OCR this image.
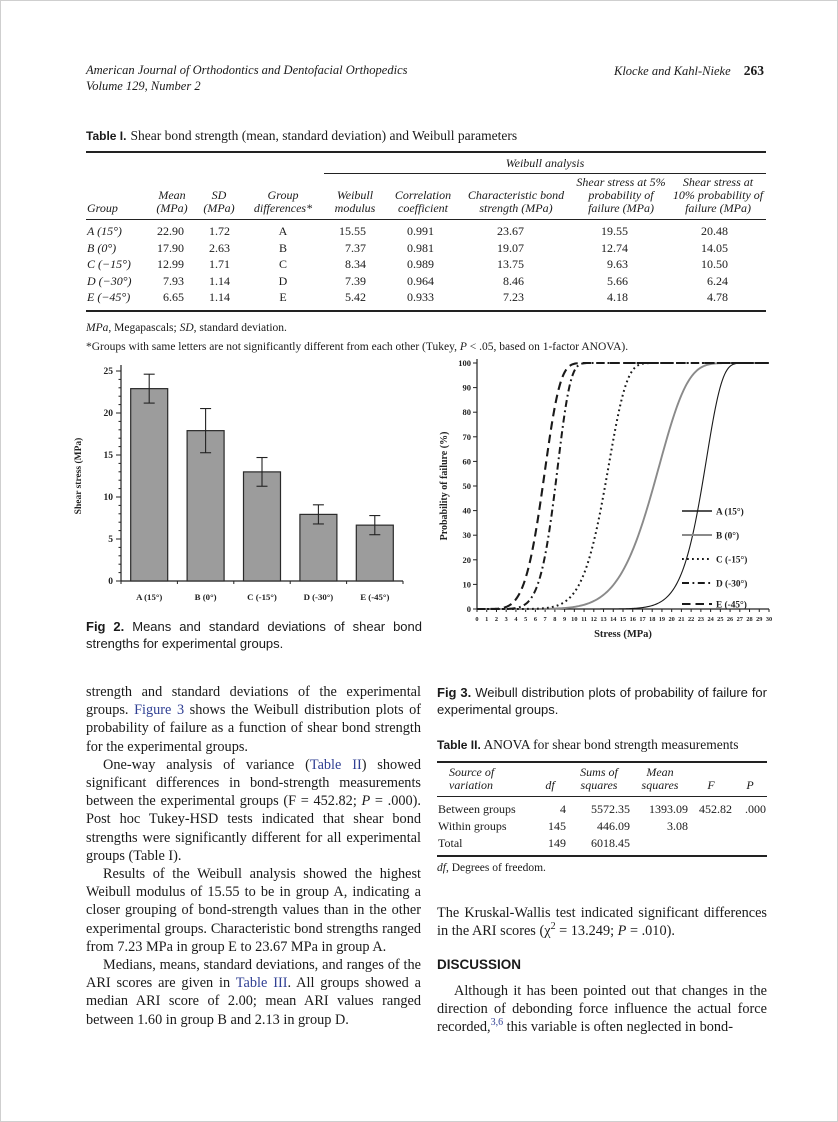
American Journal of Orthodontics and Dentofacial Orthopedics
Volume 129, Number 2
Klocke and Kahl-Nieke 263
Table I. Shear bond strength (mean, standard deviation) and Weibull parameters
				Weibull analysis				
Group	Mean (MPa)	SD (MPa)	Group differences*	Weibull modulus	Correlation coefficient	Characteristic bond strength (MPa)	Shear stress at 5% probability of failure (MPa)	Shear stress at 10% probability of failure (MPa)
A (15°)	22.90	1.72	A	15.55	0.991	23.67	19.55	20.48
B (0°)	17.90	2.63	B	7.37	0.981	19.07	12.74	14.05
C (−15°)	12.99	1.71	C	8.34	0.989	13.75	9.63	10.50
D (−30°)	7.93	1.14	D	7.39	0.964	8.46	5.66	6.24
E (−45°)	6.65	1.14	E	5.42	0.933	7.23	4.18	4.78
MPa, Megapascals; SD, standard deviation.
*Groups with same letters are not significantly different from each other (Tukey, P < .05, based on 1-factor ANOVA).
0
5
10
15
20
25
A (15°)	B (0°)	C (-15°)	D (-30°)	E (-45°)
Shear stress (MPa)
Fig 2. Means and standard deviations of shear bond strengths for experimental groups.

strength and standard deviations of the experimental groups. Figure 3 shows the Weibull distribution plots of probability of failure as a function of shear bond strength for the experimental groups.

One-way analysis of variance (Table II) showed significant differences in bond-strength measurements between the experimental groups (F = 452.82; P = .000). Post hoc Tukey-HSD tests indicated that shear bond strengths were significantly different for all experimental groups (Table I).

Results of the Weibull analysis showed the highest Weibull modulus of 15.55 to be in group A, indicating a closer grouping of bond-strength values than in the other experimental groups. Characteristic bond strengths ranged from 7.23 MPa in group E to 23.67 MPa in group A.

Medians, means, standard deviations, and ranges of the ARI scores are given in Table III. All groups showed a median ARI score of 2.00; mean ARI values ranged between 1.60 in group B and 2.13 in group D.

0
10
20
30
40
50
60
70
80
90
100
0 1 2 3 4 5 6 7 8 9 10 11 12 13 14 15 16 17 18 19 20 21 22 23 24 25 26 27 28 29 30
A (15°)
B (0°)
C (-15°)
D (-30°)
E (-45°)
Stress (MPa)
Probability of failure (%)
Fig 3. Weibull distribution plots of probability of failure for experimental groups.
Table II. ANOVA for shear bond strength measurements
Source of variation	df	Sums of squares	Mean squares	F	P
Between groups	4	5572.35	1393.09	452.82	.000
Within groups	145	446.09	3.08		
Total	149	6018.45			
df, Degrees of freedom.
The Kruskal-Wallis test indicated significant differences in the ARI scores ($\chi^2 = 13.249$; P = .010).
DISCUSSION

Although it has been pointed out that changes in the direction of debonding force influence the actual force recorded,$^{3,6}$ this variable is often neglected in bond-
